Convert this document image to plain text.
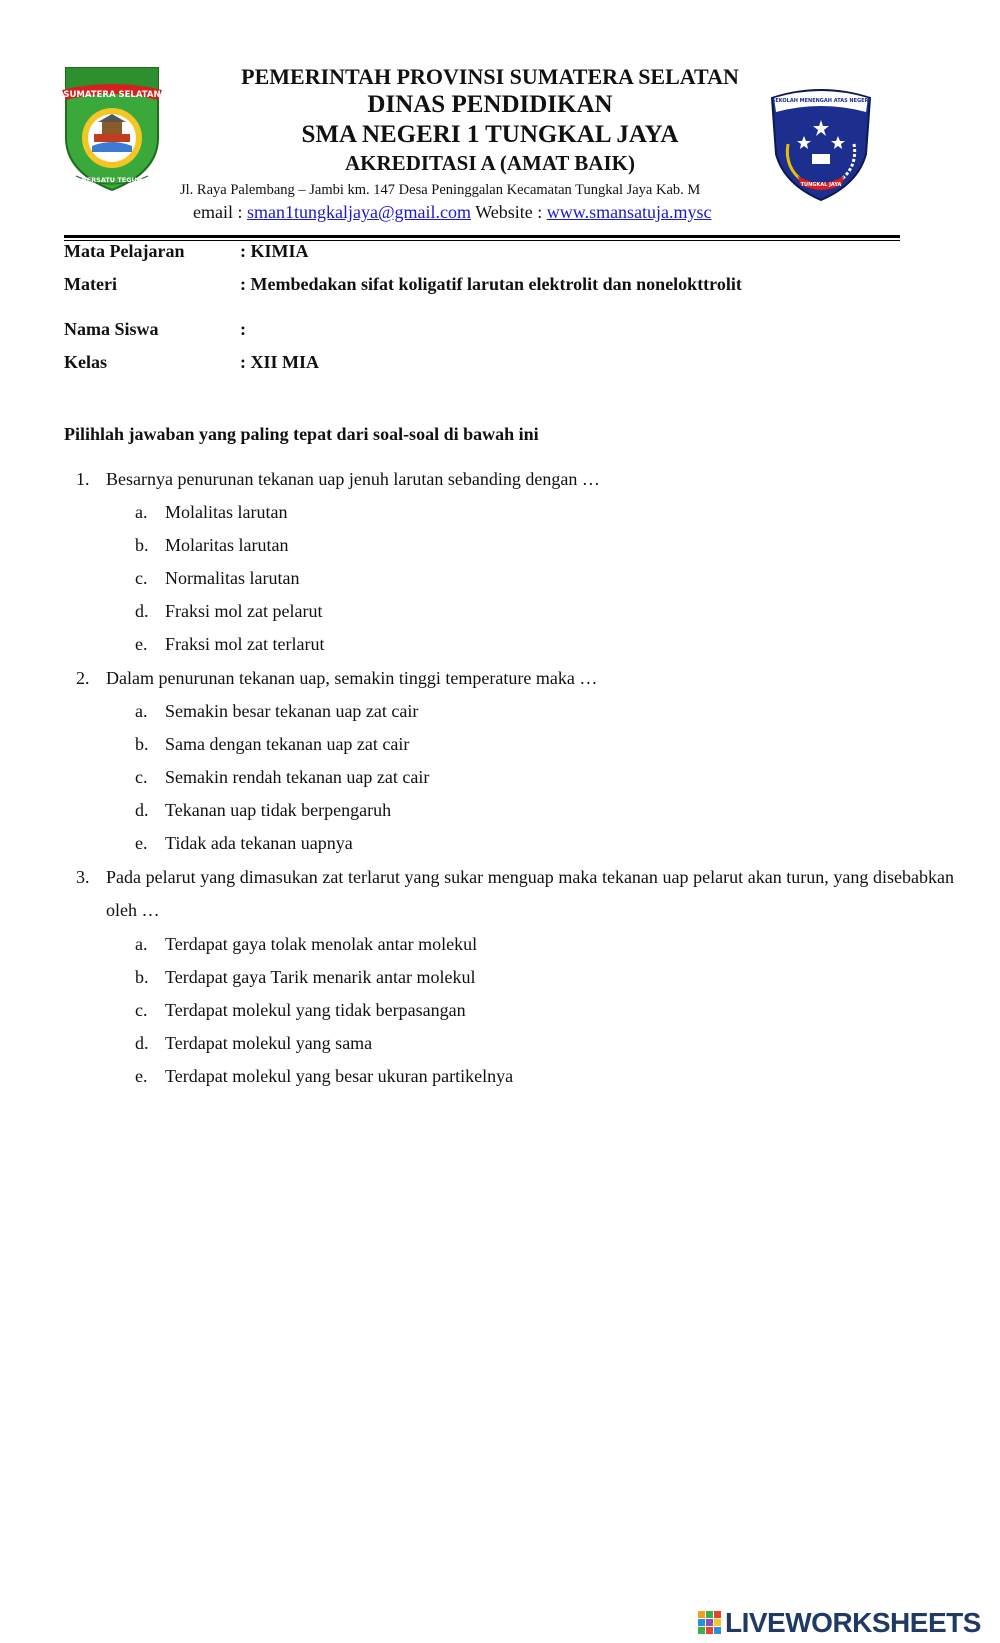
SUMATERA SELATAN
BERSATU TEGUH
PEMERINTAH PROVINSI SUMATERA SELATAN
DINAS PENDIDIKAN
SMA NEGERI 1 TUNGKAL JAYA
AKREDITASI A (AMAT BAIK)
Jl. Raya Palembang – Jambi km. 147 Desa Peninggalan Kecamatan Tungkal Jaya Kab. M
email : sman1tungkaljaya@gmail.com Website : www.smansatuja.mysc
SEKOLAH MENENGAH ATAS NEGERI
TUNGKAL JAYA
Mata Pelajaran	: KIMIA
Materi	: Membedakan sifat koligatif larutan elektrolit dan nonelokttrolit
Nama Siswa	:
Kelas	: XII MIA
Pilihlah jawaban yang paling tepat dari soal-soal di bawah ini
1. Besarnya penurunan tekanan uap jenuh larutan sebanding dengan …
a. Molalitas larutan
b. Molaritas larutan
c. Normalitas larutan
d. Fraksi mol zat pelarut
e. Fraksi mol zat terlarut
2. Dalam penurunan tekanan uap, semakin tinggi temperature maka …
a. Semakin besar tekanan uap zat cair
b. Sama dengan tekanan uap zat cair
c. Semakin rendah tekanan uap zat cair
d. Tekanan uap tidak berpengaruh
e. Tidak ada tekanan uapnya
3. Pada pelarut yang dimasukan zat terlarut yang sukar menguap maka tekanan uap pelarut akan turun, yang disebabkan oleh …
a. Terdapat gaya tolak menolak antar molekul
b. Terdapat gaya Tarik menarik antar molekul
c. Terdapat molekul yang tidak berpasangan
d. Terdapat molekul yang sama
e. Terdapat molekul yang besar ukuran partikelnya
LIVEWORKSHEETS
